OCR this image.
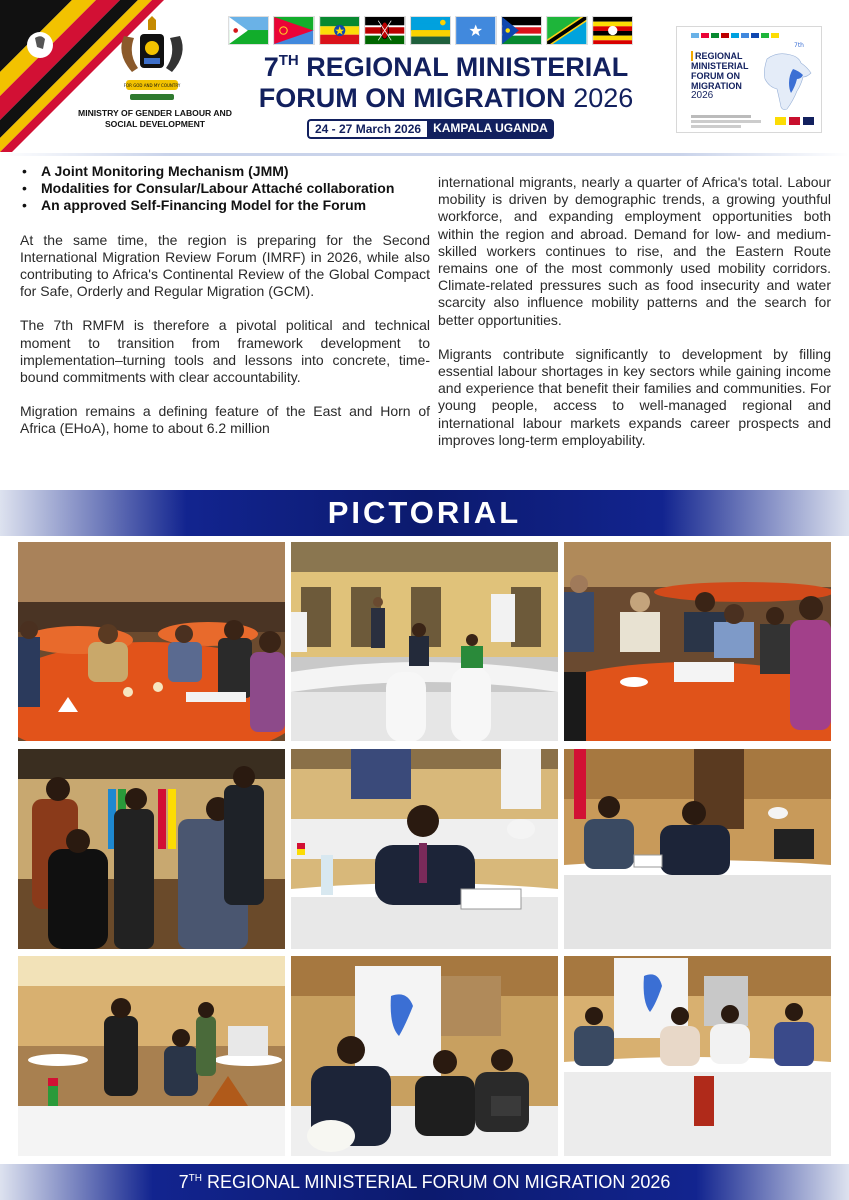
FOR GOD AND MY COUNTRY
MINISTRY OF GENDER LABOUR AND
SOCIAL DEVELOPMENT
7TH REGIONAL MINISTERIAL
FORUM ON MIGRATION 2026
24 - 27 March 2026	KAMPALA UGANDA
7th
REGIONAL
MINISTERIAL
FORUM ON
MIGRATION
2026
• A Joint Monitoring Mechanism (JMM)
• Modalities for Consular/Labour Attaché collaboration
• An approved Self-Financing Model for the Forum

At the same time, the region is preparing for the Second International Migration Review Forum (IMRF) in 2026, while also contributing to Africa's Continental Review of the Global Compact for Safe, Orderly and Regular Migration (GCM).

The 7th RMFM is therefore a pivotal political and technical moment to transition from framework development to implementation–turning tools and lessons into concrete, time-bound commitments with clear accountability.

Migration remains a defining feature of the East and Horn of Africa (EHoA), home to about 6.2 million

international migrants, nearly a quarter of Africa's total. Labour mobility is driven by demographic trends, a growing youthful workforce, and expanding employment opportunities both within the region and abroad. Demand for low- and medium-skilled workers continues to rise, and the Eastern Route remains one of the most commonly used mobility corridors. Climate-related pressures such as food insecurity and water scarcity also influence mobility patterns and the search for better opportunities.

Migrants contribute significantly to development by filling essential labour shortages in key sectors while gaining income and experience that benefit their families and communities. For young people, access to well-managed regional and international labour markets expands career prospects and improves long-term employability.

PICTORIAL
7TH REGIONAL MINISTERIAL FORUM ON MIGRATION 2026
